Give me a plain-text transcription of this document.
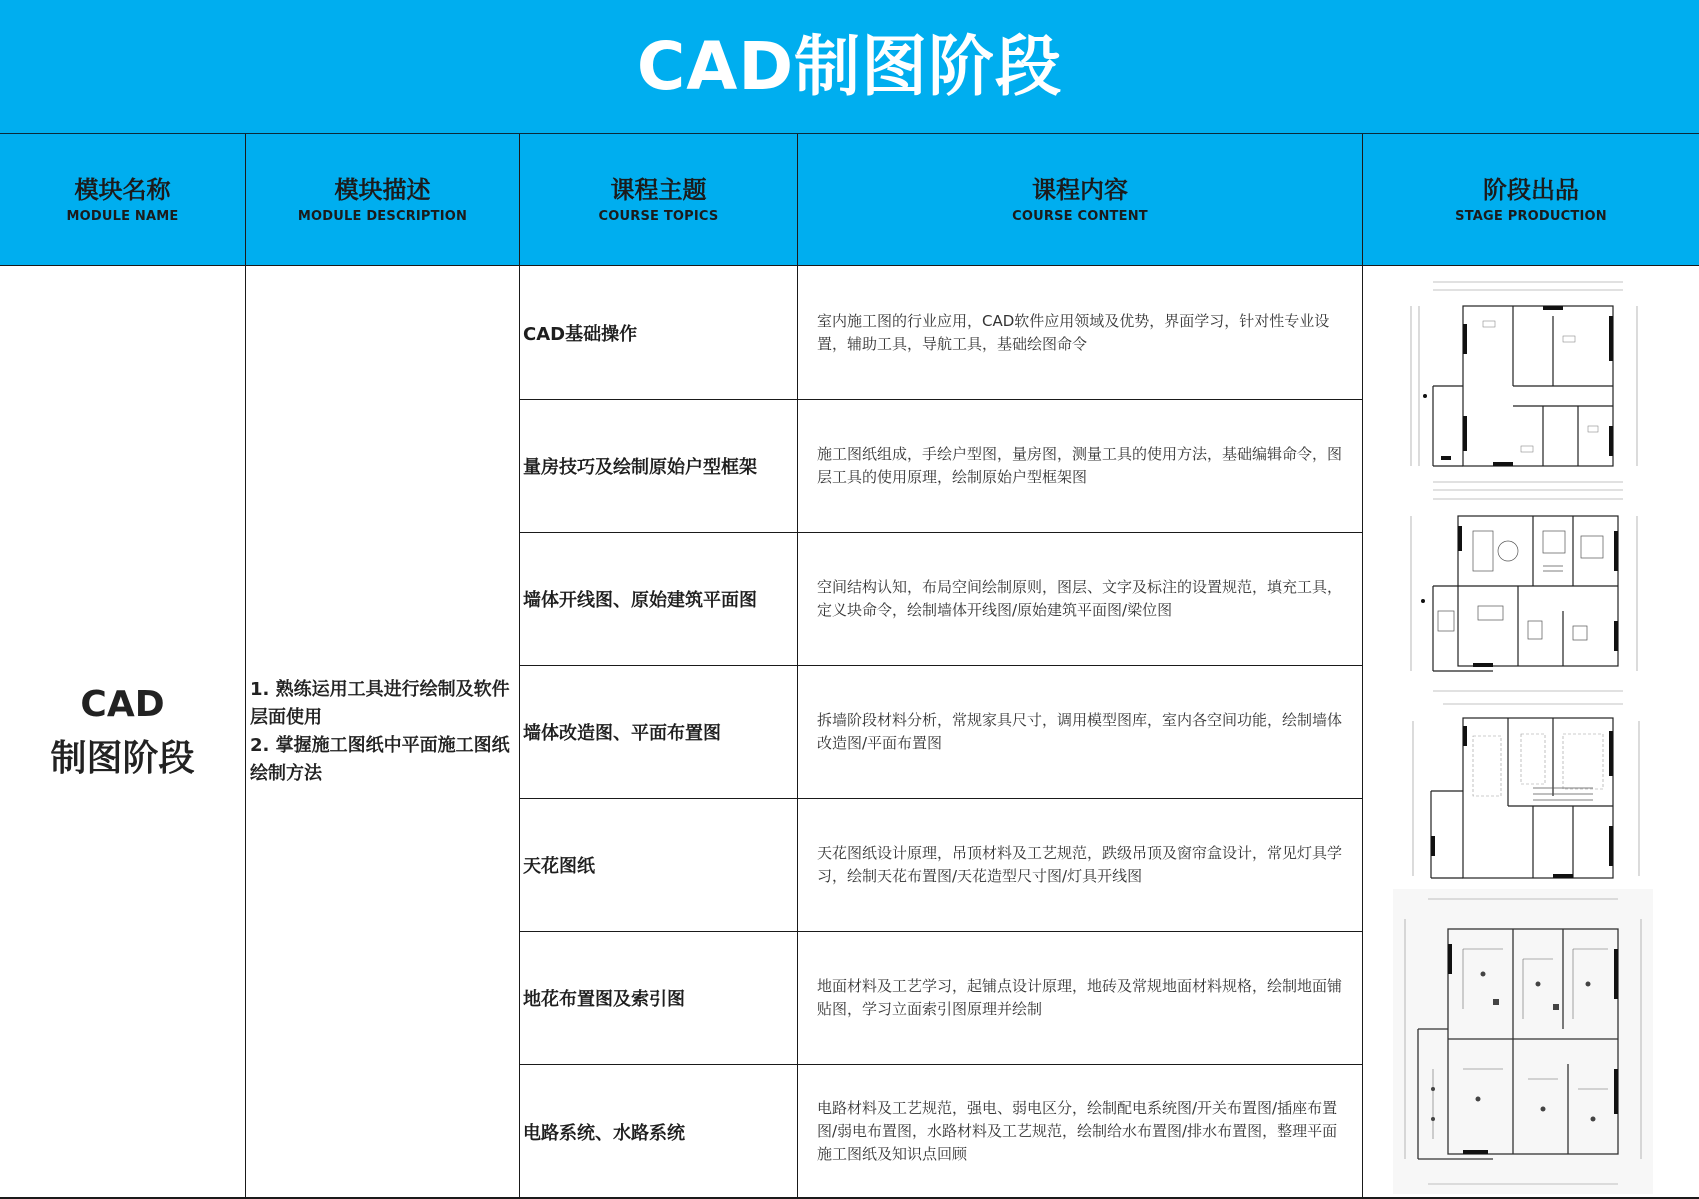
CAD制图阶段
模块名称
MODULE NAME
模块描述
MODULE DESCRIPTION
课程主题
COURSE TOPICS
课程内容
COURSE CONTENT
阶段出品
STAGE PRODUCTION
CAD
制图阶段

1. 熟练运用工具进行绘制及软件层面使用

2. 掌握施工图纸中平面施工图纸绘制方法

CAD基础操作
室内施工图的行业应用，CAD软件应用领域及优势，界面学习，针对性专业设置，辅助工具，导航工具，基础绘图命令
量房技巧及绘制原始户型框架
施工图纸组成，手绘户型图，量房图，测量工具的使用方法，基础编辑命令，图层工具的使用原理，绘制原始户型框架图
墙体开线图、原始建筑平面图
空间结构认知，布局空间绘制原则，图层、文字及标注的设置规范，填充工具，定义块命令，绘制墙体开线图/原始建筑平面图/梁位图
墙体改造图、平面布置图
拆墙阶段材料分析，常规家具尺寸，调用模型图库，室内各空间功能，绘制墙体改造图/平面布置图
天花图纸
天花图纸设计原理，吊顶材料及工艺规范，跌级吊顶及窗帘盒设计，常见灯具学习，绘制天花布置图/天花造型尺寸图/灯具开线图
地花布置图及索引图
地面材料及工艺学习，起铺点设计原理，地砖及常规地面材料规格，绘制地面铺贴图，学习立面索引图原理并绘制
电路系统、水路系统
电路材料及工艺规范，强电、弱电区分，绘制配电系统图/开关布置图/插座布置图/弱电布置图，水路材料及工艺规范，绘制给水布置图/排水布置图，整理平面施工图纸及知识点回顾
